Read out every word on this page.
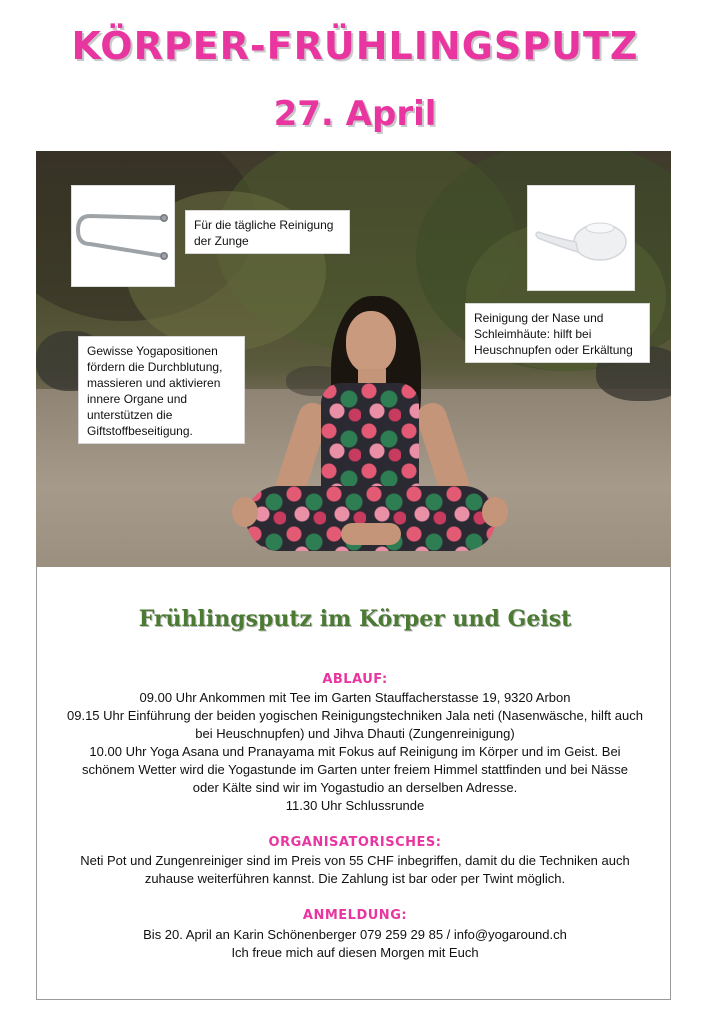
KÖRPER-FRÜHLINGSPUTZ
27. April
Für die tägliche Reinigung
der Zunge
Reinigung der Nase und
Schleimhäute: hilft bei
Heuschnupfen oder Erkältung
Gewisse Yogapositionen
fördern die Durchblutung,
massieren und aktivieren
innere Organe und
unterstützen die
Giftstoffbeseitigung.
Frühlingsputz im Körper und Geist
ABLAUF:
09.00 Uhr Ankommen mit Tee im Garten Stauffacherstasse 19, 9320 Arbon
09.15 Uhr Einführung der beiden yogischen Reinigungstechniken Jala neti (Nasenwäsche, hilft auch
bei Heuschnupfen) und Jihva Dhauti (Zungenreinigung)
10.00 Uhr Yoga Asana und Pranayama mit Fokus auf Reinigung im Körper und im Geist. Bei
schönem Wetter wird die Yogastunde im Garten unter freiem Himmel stattfinden und bei Nässe
oder Kälte sind wir im Yogastudio an derselben Adresse.
11.30 Uhr Schlussrunde
ORGANISATORISCHES:
Neti Pot und Zungenreiniger sind im Preis von 55 CHF inbegriffen, damit du die Techniken auch
zuhause weiterführen kannst. Die Zahlung ist bar oder per Twint möglich.
ANMELDUNG:
Bis 20. April an Karin Schönenberger 079 259 29 85 / info@yogaround.ch
Ich freue mich auf diesen Morgen mit Euch
